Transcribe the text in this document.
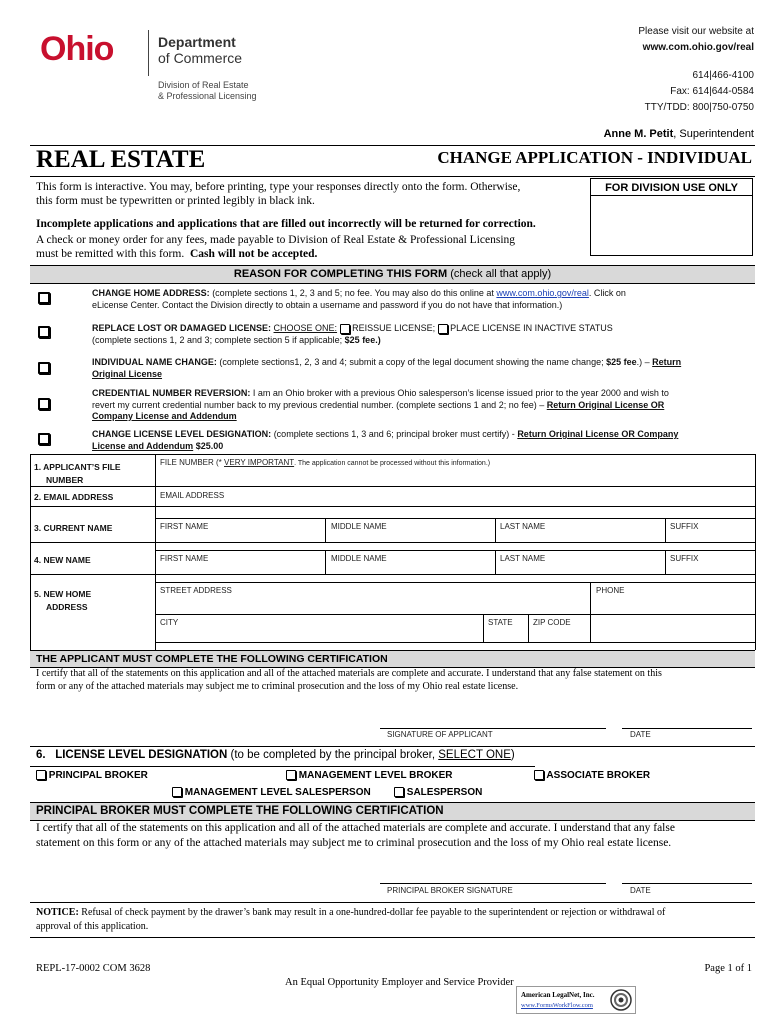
Ohio	Department
of Commerce
Division of Real Estate
& Professional Licensing
Please visit our website at
www.com.ohio.gov/real
614|466-4100
Fax: 614|644-0584
TTY/TDD: 800|750-0750
Anne M. Petit, Superintendent
REAL ESTATE	CHANGE APPLICATION - INDIVIDUAL
This form is interactive. You may, before printing, type your responses directly onto the form. Otherwise,
this form must be typewritten or printed legibly in black ink.
FOR DIVISION USE ONLY
Incomplete applications and applications that are filled out incorrectly will be returned for correction.
A check or money order for any fees, made payable to Division of Real Estate & Professional Licensing
must be remitted with this form. Cash will not be accepted.
REASON FOR COMPLETING THIS FORM (check all that apply)
CHANGE HOME ADDRESS: (complete sections 1, 2, 3 and 5; no fee. You may also do this online at www.com.ohio.gov/real. Click on
eLicense Center. Contact the Division directly to obtain a username and password if you do not have that information.)
REPLACE LOST OR DAMAGED LICENSE: CHOOSE ONE:  REISSUE LICENSE;  PLACE LICENSE IN INACTIVE STATUS
(complete sections 1, 2 and 3; complete section 5 if applicable; $25 fee.)
INDIVIDUAL NAME CHANGE: (complete sections1, 2, 3 and 4; submit a copy of the legal document showing the name change; $25 fee.) – Return
Original License
CREDENTIAL NUMBER REVERSION: I am an Ohio broker with a previous Ohio salesperson’s license issued prior to the year 2000 and wish to
revert my current credential number back to my previous credential number. (complete sections 1 and 2; no fee) – Return Original License OR
Company License and Addendum
CHANGE LICENSE LEVEL DESIGNATION: (complete sections 1, 3 and 6; principal broker must certify) - Return Original License OR Company
License and Addendum $25.00
1. APPLICANT’S FILE
NUMBER
FILE NUMBER (* VERY IMPORTANT. The application cannot be processed without this information.)
2. EMAIL ADDRESS	EMAIL ADDRESS
3. CURRENT NAME	FIRST NAME	MIDDLE NAME	LAST NAME	SUFFIX
4. NEW NAME	FIRST NAME	MIDDLE NAME	LAST NAME	SUFFIX
5. NEW HOME
ADDRESS
STREET ADDRESS	PHONE
CITY	STATE	ZIP CODE
THE APPLICANT MUST COMPLETE THE FOLLOWING CERTIFICATION
I certify that all of the statements on this application and all of the attached materials are complete and accurate. I understand that any false statement on this
form or any of the attached materials may subject me to criminal prosecution and the loss of my Ohio real estate license.
SIGNATURE OF APPLICANT	DATE
6. LICENSE LEVEL DESIGNATION (to be completed by the principal broker, SELECT ONE)
PRINCIPAL BROKER	MANAGEMENT LEVEL BROKER	ASSOCIATE BROKER
MANAGEMENT LEVEL SALESPERSON	SALESPERSON
PRINCIPAL BROKER MUST COMPLETE THE FOLLOWING CERTIFICATION
I certify that all of the statements on this application and all of the attached materials are complete and accurate. I understand that any false
statement on this form or any of the attached materials may subject me to criminal prosecution and the loss of my Ohio real estate license.
PRINCIPAL BROKER SIGNATURE	DATE
NOTICE: Refusal of check payment by the drawer’s bank may result in a one-hundred-dollar fee payable to the superintendent or rejection or withdrawal of
approval of this application.
REPL-17-0002 COM 3628	Page 1 of 1
An Equal Opportunity Employer and Service Provider
American LegalNet, Inc.
www.FormsWorkFlow.com
